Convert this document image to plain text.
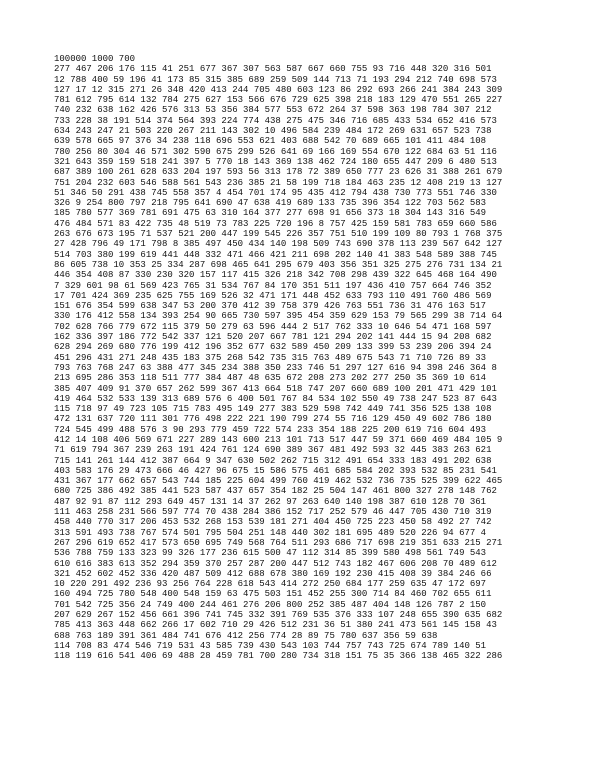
100000 1000 700
277 467 206 176 115 41 251 677 367 307 563 587 667 660 755 93 716 448 320 316 501
12 788 400 59 196 41 173 85 315 385 689 259 509 144 713 71 193 294 212 740 698 573
127 17 12 315 271 26 348 420 413 244 705 480 603 123 86 292 693 266 241 384 243 309
781 612 795 614 132 784 275 627 153 566 676 729 625 398 218 183 129 470 551 265 227
740 232 638 162 426 576 313 53 356 384 577 553 672 264 37 598 363 198 784 307 212
733 228 38 191 514 374 564 393 224 774 438 275 475 346 716 685 433 534 652 416 573
634 243 247 21 503 220 267 211 143 302 10 496 584 239 484 172 269 631 657 523 738
639 578 665 97 376 34 238 118 696 553 621 403 688 542 70 689 665 101 411 484 108
780 256 80 304 46 571 302 590 675 299 526 641 69 166 169 554 670 122 684 63 51 116
321 643 359 159 518 241 397 5 770 18 143 369 138 462 724 180 655 447 209 6 480 513
687 389 100 261 628 633 204 197 593 56 313 178 72 389 650 777 23 626 31 388 261 679
751 204 232 603 546 588 561 543 236 385 21 58 199 718 184 463 235 12 408 219 13 127
51 346 50 291 438 745 558 357 4 454 701 174 95 435 412 794 438 730 773 551 746 330
326 9 254 800 797 218 795 641 690 47 638 419 689 133 735 396 354 122 703 562 583
185 780 577 369 781 691 475 63 310 164 377 277 698 91 656 373 18 304 143 316 549
476 484 571 83 422 735 48 519 73 783 225 720 196 8 757 425 159 581 783 659 660 586
263 676 673 195 71 537 521 200 447 199 545 226 357 751 510 199 109 80 793 1 768 375
27 428 796 49 171 798 8 385 497 450 434 140 198 509 743 690 378 113 239 567 642 127
514 703 380 199 619 441 448 332 471 466 421 211 698 202 140 41 383 548 589 388 745
86 605 738 10 353 25 334 287 698 465 641 295 679 403 356 351 325 275 276 731 134 21
446 354 408 87 330 230 320 157 117 415 326 218 342 708 298 439 322 645 468 164 490
7 329 601 98 61 569 423 765 31 534 767 84 170 351 511 197 436 410 757 664 746 352
17 701 424 369 235 625 755 169 526 32 471 171 448 452 633 793 110 491 760 486 569
151 676 354 599 638 347 53 200 370 412 39 758 379 426 763 551 736 31 476 163 517
330 176 412 558 134 393 254 90 665 730 597 395 454 359 629 153 79 565 299 38 714 64
702 628 766 779 672 115 379 50 279 63 596 444 2 517 762 333 10 646 54 471 168 597
162 336 397 186 772 542 337 121 520 207 667 781 121 294 202 141 444 15 94 208 682
628 294 269 680 776 199 412 196 352 677 632 589 450 209 133 399 53 239 206 394 24
451 296 431 271 248 435 183 375 268 542 735 315 763 489 675 543 71 710 726 89 33
793 763 768 247 63 388 477 345 234 388 350 233 746 51 297 127 616 94 398 246 364 8
213 695 286 353 118 511 777 384 487 48 635 672 208 273 202 277 250 35 369 10 614
385 407 409 91 370 657 262 599 367 413 664 518 747 207 660 689 100 201 471 429 101
419 464 532 533 139 313 689 576 6 400 501 767 84 534 102 550 49 738 247 523 87 643
115 718 97 49 723 105 715 783 495 149 277 383 529 598 742 449 741 356 525 138 108
472 131 637 720 111 301 776 498 222 221 190 799 274 55 716 129 450 49 602 786 180
724 545 499 488 576 3 90 293 779 459 722 574 233 354 188 225 200 619 716 604 493
412 14 108 406 569 671 227 289 143 600 213 101 713 517 447 59 371 660 469 484 105 9
71 619 794 367 239 263 191 424 761 124 690 389 367 481 492 593 32 445 383 263 621
715 141 261 144 412 387 664 9 347 630 502 262 715 312 491 654 333 183 491 202 638
403 583 176 29 473 666 46 427 96 675 15 586 575 461 685 584 202 393 532 85 231 541
431 367 177 662 657 543 744 185 225 604 499 760 419 462 532 736 735 525 399 622 465
680 725 386 492 385 441 523 587 437 657 354 182 25 504 147 461 800 327 278 148 762
487 92 91 87 112 293 649 457 131 14 37 262 97 263 640 140 198 387 610 128 70 361
111 463 258 231 566 597 774 70 438 284 386 152 717 252 579 46 447 705 430 710 319
458 440 770 317 206 453 532 268 153 539 181 271 404 450 725 223 450 58 492 27 742
313 591 493 738 767 574 501 795 504 251 148 440 302 181 695 489 520 226 94 677 4
267 296 619 652 417 573 650 695 749 568 764 511 293 686 717 698 219 351 633 215 271
536 788 759 133 323 99 326 177 236 615 500 47 112 314 85 399 580 498 561 749 543
610 616 383 613 352 294 359 370 257 287 200 447 512 743 182 467 606 208 70 489 612
321 452 602 452 336 420 487 509 412 688 678 380 169 192 230 415 408 39 384 246 66
10 220 291 492 236 93 256 764 228 618 543 414 272 250 684 177 259 635 47 172 697
160 494 725 780 548 400 548 159 63 475 503 151 452 255 300 714 84 460 702 655 611
701 542 725 356 24 749 400 244 461 276 206 800 252 385 487 404 148 126 787 2 150
207 629 267 152 456 661 396 741 745 332 391 769 535 376 333 107 248 655 390 635 682
785 413 363 448 662 266 17 602 710 29 426 512 231 36 51 380 241 473 561 145 158 43
688 763 189 391 361 484 741 676 412 256 774 28 89 75 780 637 356 59 638
114 708 83 474 546 719 531 43 585 739 430 543 103 744 757 743 725 674 789 140 51
118 119 616 541 406 69 488 28 459 781 700 280 734 318 151 75 35 366 138 465 322 286
